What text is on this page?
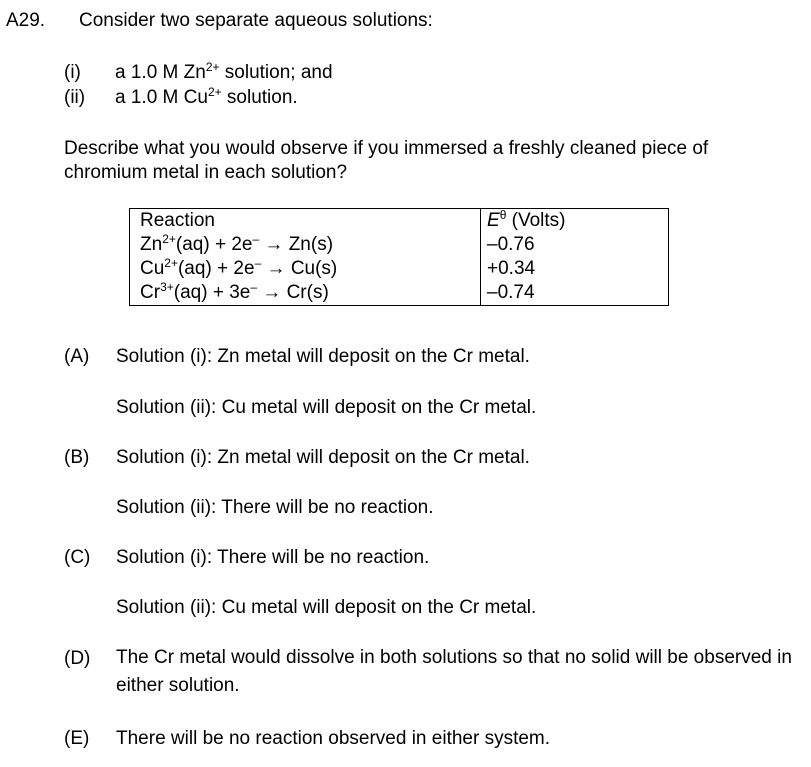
A29. Consider two separate aqueous solutions:
(i) a 1.0 M $Zn^{2+}$ solution; and
(ii) a 1.0 M $Cu^{2+}$ solution.
Describe what you would observe if you immersed a freshly cleaned piece of chromium metal in each solution?
Reaction	$E^\theta$ (Volts)
$Zn^{2+}(aq) + 2e^- \to Zn(s)$	–0.76
$Cu^{2+}(aq) + 2e^- \to Cu(s)$	+0.34
$Cr^{3+}(aq) + 3e^- \to Cr(s)$	–0.74
(A) Solution (i): Zn metal will deposit on the Cr metal.
Solution (ii): Cu metal will deposit on the Cr metal.
(B) Solution (i): Zn metal will deposit on the Cr metal.
Solution (ii): There will be no reaction.
(C) Solution (i): There will be no reaction.
Solution (ii): Cu metal will deposit on the Cr metal.
(D) The Cr metal would dissolve in both solutions so that no solid will be observed in either solution.
(E) There will be no reaction observed in either system.
